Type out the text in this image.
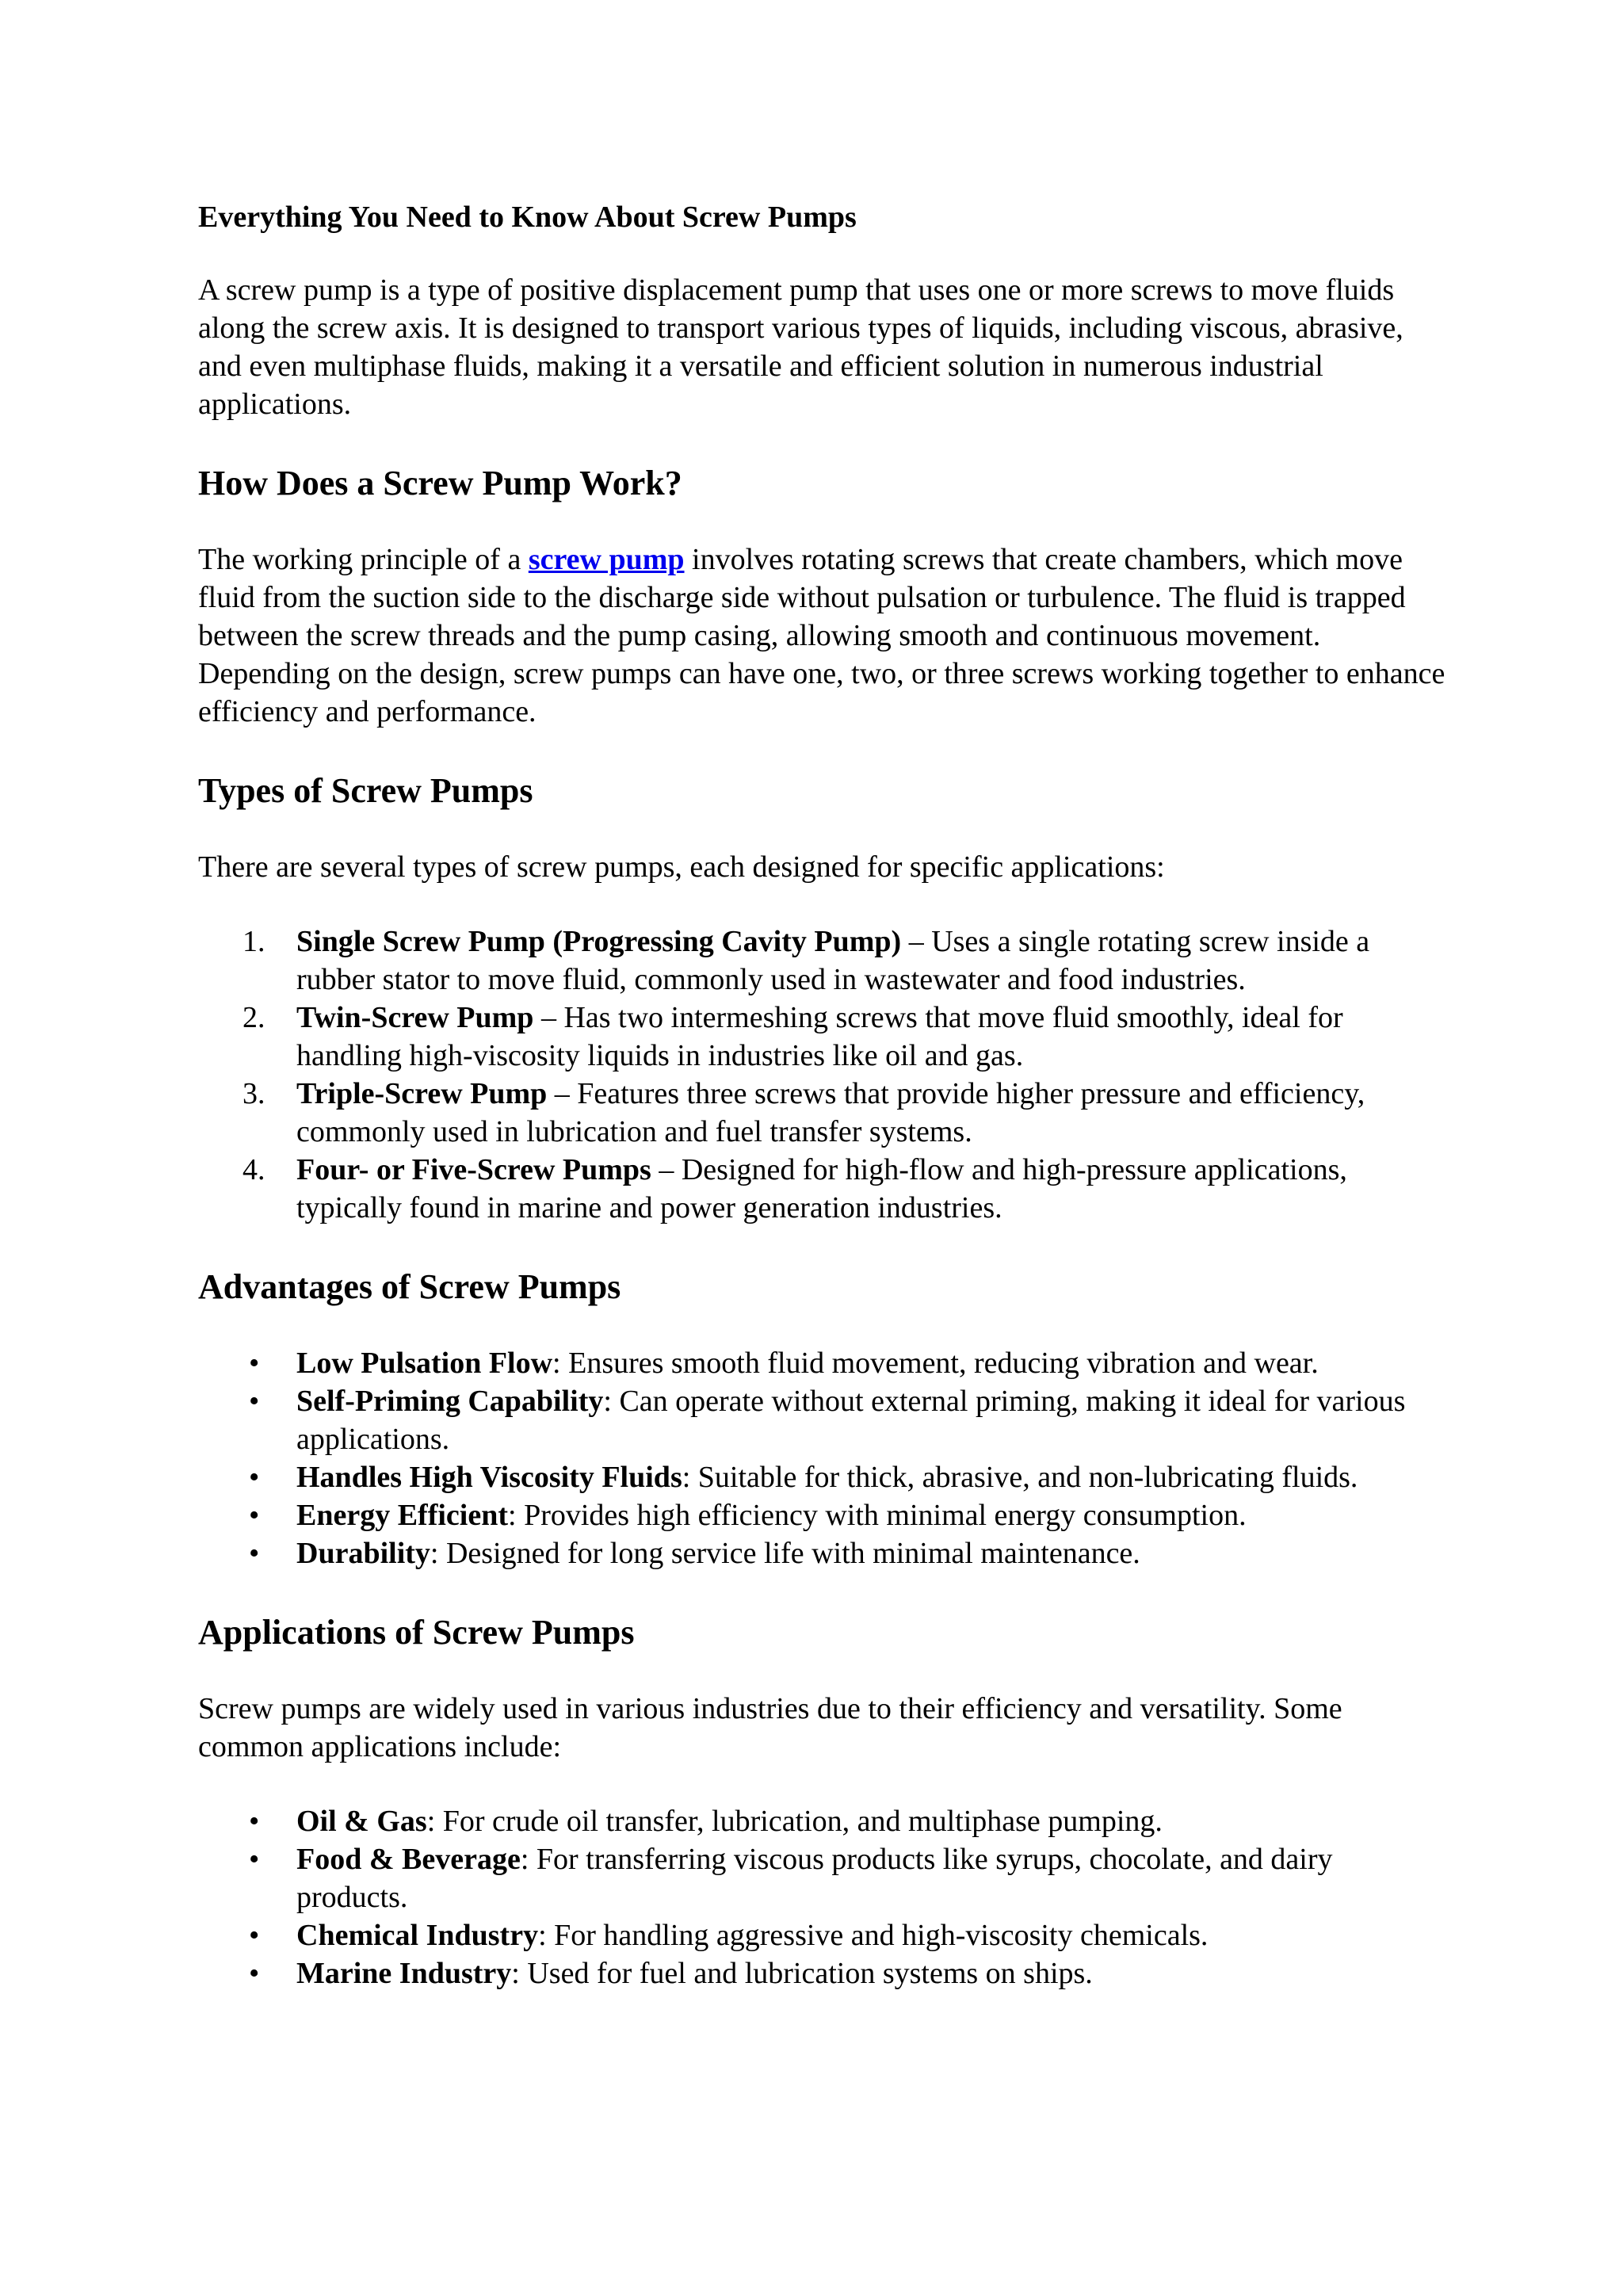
Everything You Need to Know About Screw Pumps

A screw pump is a type of positive displacement pump that uses one or more screws to move fluids along the screw axis. It is designed to transport various types of liquids, including viscous, abrasive, and even multiphase fluids, making it a versatile and efficient solution in numerous industrial applications.

How Does a Screw Pump Work?

The working principle of a screw pump involves rotating screws that create chambers, which move fluid from the suction side to the discharge side without pulsation or turbulence. The fluid is trapped between the screw threads and the pump casing, allowing smooth and continuous movement. Depending on the design, screw pumps can have one, two, or three screws working together to enhance efficiency and performance.

Types of Screw Pumps

There are several types of screw pumps, each designed for specific applications:

1. Single Screw Pump (Progressing Cavity Pump) – Uses a single rotating screw inside a rubber stator to move fluid, commonly used in wastewater and food industries.
2. Twin-Screw Pump – Has two intermeshing screws that move fluid smoothly, ideal for handling high-viscosity liquids in industries like oil and gas.
3. Triple-Screw Pump – Features three screws that provide higher pressure and efficiency, commonly used in lubrication and fuel transfer systems.
4. Four- or Five-Screw Pumps – Designed for high-flow and high-pressure applications, typically found in marine and power generation industries.
Advantages of Screw Pumps
• Low Pulsation Flow: Ensures smooth fluid movement, reducing vibration and wear.
• Self-Priming Capability: Can operate without external priming, making it ideal for various applications.
• Handles High Viscosity Fluids: Suitable for thick, abrasive, and non-lubricating fluids.
• Energy Efficient: Provides high efficiency with minimal energy consumption.
• Durability: Designed for long service life with minimal maintenance.
Applications of Screw Pumps

Screw pumps are widely used in various industries due to their efficiency and versatility. Some common applications include:

• Oil & Gas: For crude oil transfer, lubrication, and multiphase pumping.
• Food & Beverage: For transferring viscous products like syrups, chocolate, and dairy products.
• Chemical Industry: For handling aggressive and high-viscosity chemicals.
• Marine Industry: Used for fuel and lubrication systems on ships.
